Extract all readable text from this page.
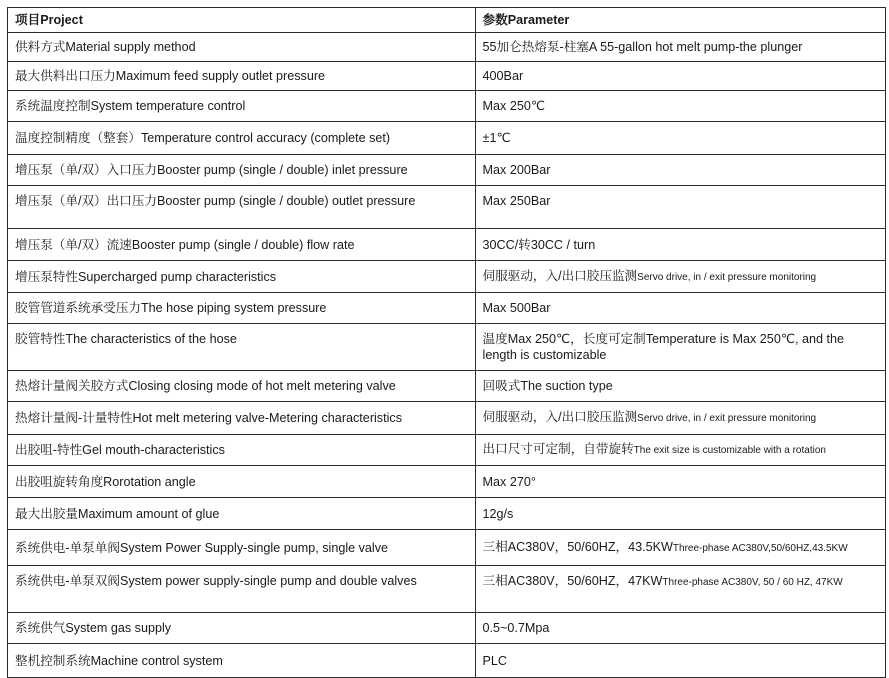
项目Project	参数Parameter
供料方式Material supply method	55加仑热熔泵-柱塞A 55-gallon hot melt pump-the plunger
最大供料出口压力Maximum feed supply outlet pressure	400Bar
系统温度控制System temperature control	Max 250℃
温度控制精度（整套）Temperature control accuracy (complete set)	±1℃
增压泵（单/双）入口压力Booster pump (single / double) inlet pressure	Max 200Bar
增压泵（单/双）出口压力Booster pump (single / double) outlet pressure	Max 250Bar
增压泵（单/双）流速Booster pump (single / double) flow rate	30CC/转30CC / turn
增压泵特性Supercharged pump characteristics	伺服驱动，入/出口胶压监测Servo drive, in / exit pressure monitoring
胶管管道系统承受压力The hose piping system pressure	Max 500Bar
胶管特性The characteristics of the hose	温度Max 250℃，长度可定制Temperature is Max 250℃, and the length is customizable
热熔计量阀关胶方式Closing closing mode of hot melt metering valve	回吸式The suction type
热熔计量阀-计量特性Hot melt metering valve-Metering characteristics	伺服驱动，入/出口胶压监测Servo drive, in / exit pressure monitoring
出胶咀-特性Gel mouth-characteristics	出口尺寸可定制，自带旋转The exit size is customizable with a rotation
出胶咀旋转角度Rorotation angle	Max 270°
最大出胶量Maximum amount of glue	12g/s
系统供电-单泵单阀System Power Supply-single pump, single valve	三相AC380V，50/60HZ，43.5KWThree-phase AC380V,50/60HZ,43.5KW
系统供电-单泵双阀System power supply-single pump and double valves	三相AC380V，50/60HZ，47KWThree-phase AC380V, 50 / 60 HZ, 47KW
系统供气System gas supply	0.5~0.7Mpa
整机控制系统Machine control system	PLC
